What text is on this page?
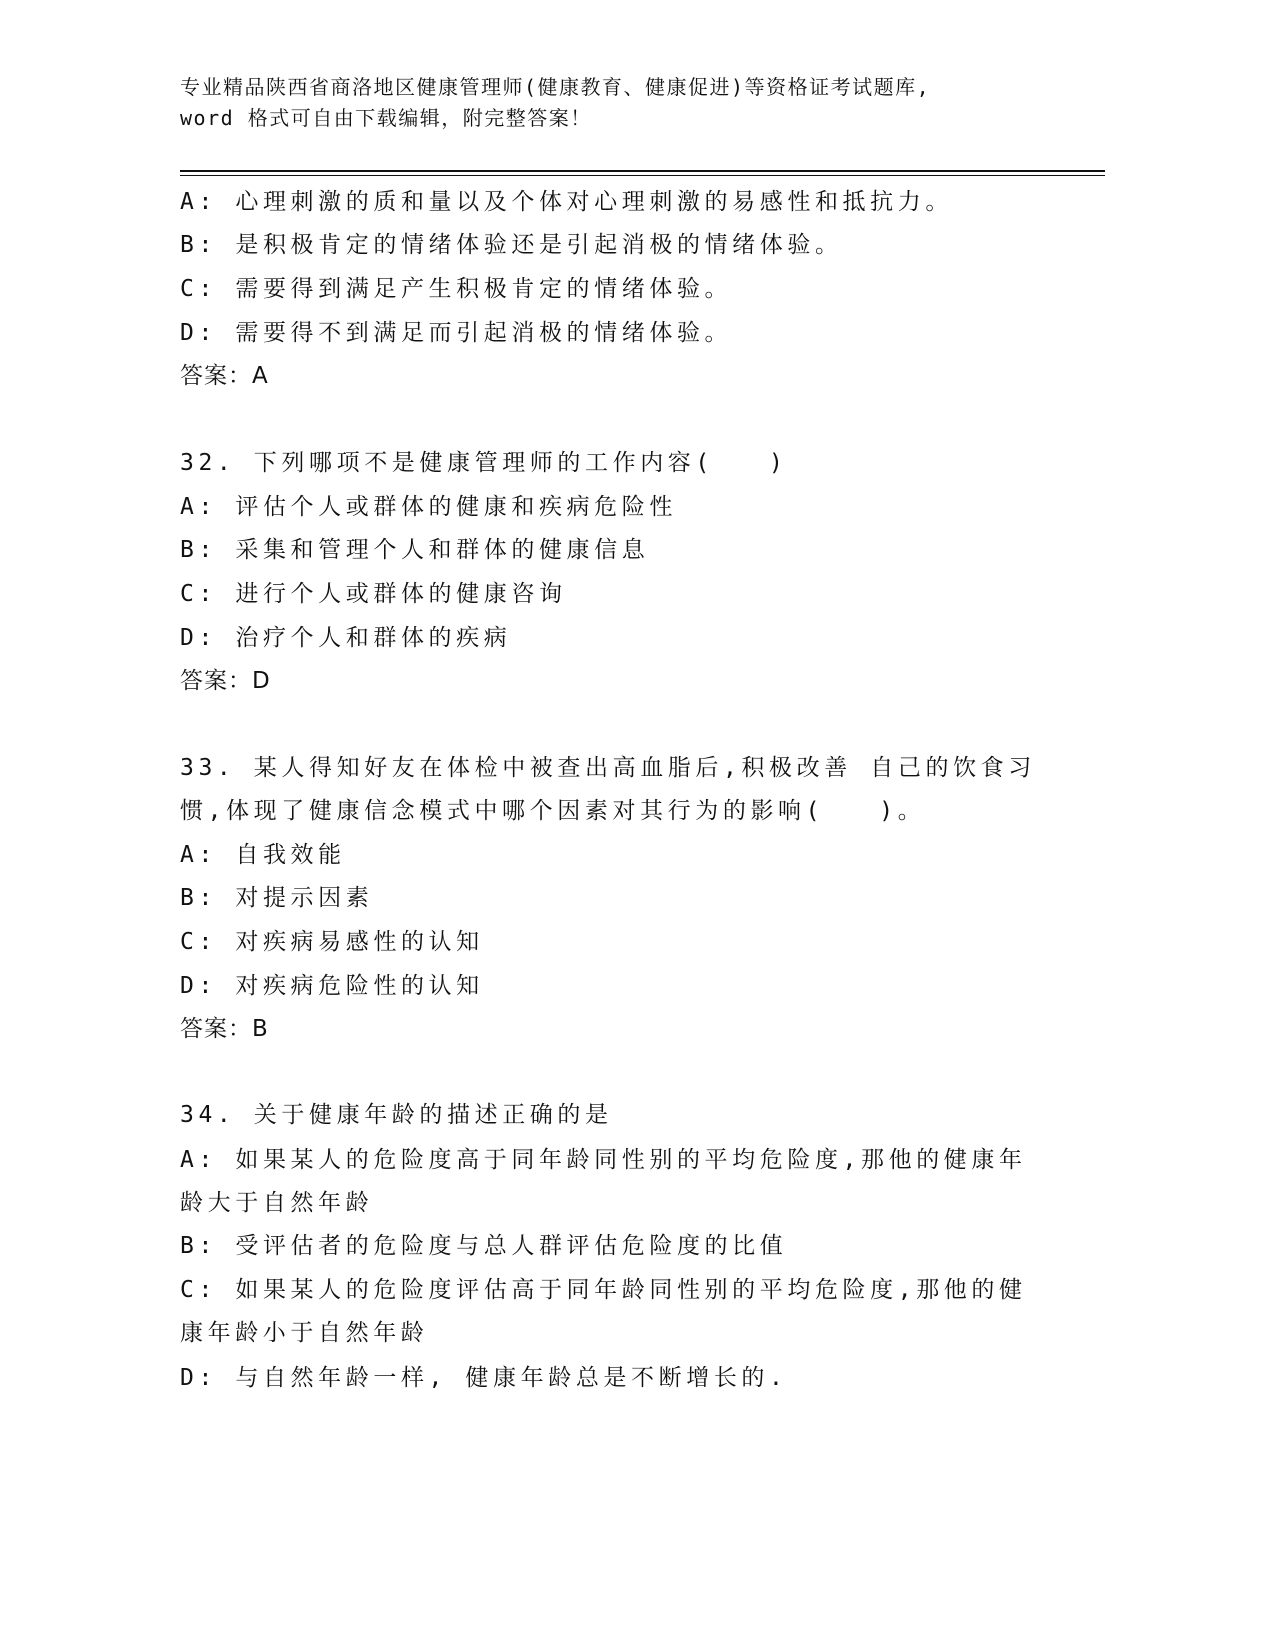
专业精品陕西省商洛地区健康管理师(健康教育、健康促进)等资格证考试题库,
word 格式可自由下载编辑，附完整答案！
A: 心理刺激的质和量以及个体对心理刺激的易感性和抵抗力。
B: 是积极肯定的情绪体验还是引起消极的情绪体验。
C: 需要得到满足产生积极肯定的情绪体验。
D: 需要得不到满足而引起消极的情绪体验。
答案：A
32. 下列哪项不是健康管理师的工作内容(　　)
A: 评估个人或群体的健康和疾病危险性
B: 采集和管理个人和群体的健康信息
C: 进行个人或群体的健康咨询
D: 治疗个人和群体的疾病
答案：D
33. 某人得知好友在体检中被查出高血脂后,积极改善 自己的饮食习
惯,体现了健康信念模式中哪个因素对其行为的影响(　　)。
A: 自我效能
B: 对提示因素
C: 对疾病易感性的认知
D: 对疾病危险性的认知
答案：B
34. 关于健康年龄的描述正确的是
A: 如果某人的危险度高于同年龄同性别的平均危险度,那他的健康年
龄大于自然年龄
B: 受评估者的危险度与总人群评估危险度的比值
C: 如果某人的危险度评估高于同年龄同性别的平均危险度,那他的健
康年龄小于自然年龄
D: 与自然年龄一样, 健康年龄总是不断增长的.
